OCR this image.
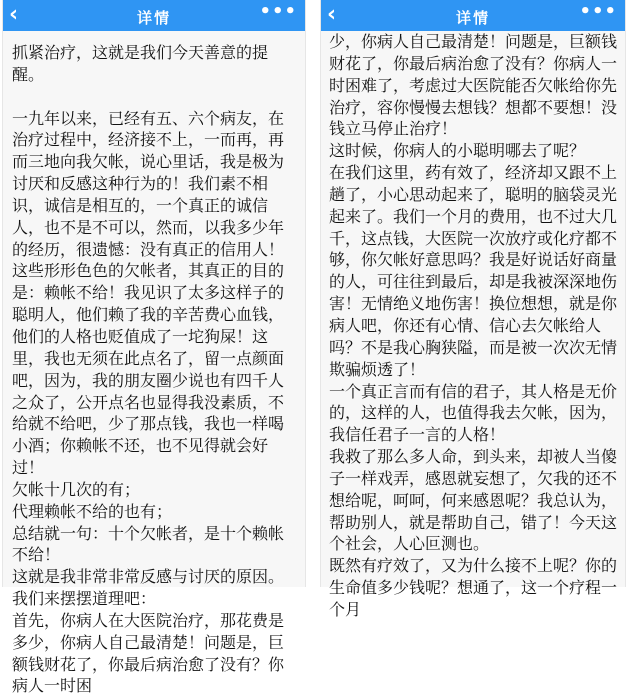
‹	详情	•••
抓紧治疗，这就是我们今天善意的提醒。

一九年以来，已经有五、六个病友，在治疗过程中，经济接不上，一而再，再而三地向我欠帐，说心里话，我是极为讨厌和反感这种行为的！我们素不相识，诚信是相互的，一个真正的诚信人，也不是不可以，然而，以我多少年的经历，很遗憾：没有真正的信用人！这些形形色色的欠帐者，其真正的目的是：赖帐不给！我见识了太多这样子的聪明人，他们赖了我的辛苦费心血钱，他们的人格也贬值成了一坨狗屎！这里，我也无须在此点名了，留一点颜面吧，因为，我的朋友圈少说也有四千人之众了，公开点名也显得我没素质，不给就不给吧，少了那点钱，我也一样喝小酒；你赖帐不还，也不见得就会好过！
欠帐十几次的有；
代理赖帐不给的也有；
总结就一句：十个欠帐者，是十个赖帐不给！
这就是我非常非常反感与讨厌的原因。
我们来摆摆道理吧：
首先，你病人在大医院治疗，那花费是多少，你病人自己最清楚！问题是，巨额钱财花了，你最后病治愈了没有？你病人一时困
‹	详情	•••
少，你病人自己最清楚！问题是，巨额钱财花了，你最后病治愈了没有？你病人一时困难了，考虑过大医院能否欠帐给你先治疗，容你慢慢去想钱？想都不要想！没钱立马停止治疗！
这时候，你病人的小聪明哪去了呢？
在我们这里，药有效了，经济却又跟不上趟了，小心思动起来了，聪明的脑袋灵光起来了。我们一个月的费用，也不过大几千，这点钱，大医院一次放疗或化疗都不够，你欠帐好意思吗？我是好说话好商量的人，可往往到最后，却是我被深深地伤害！无情绝义地伤害！换位想想，就是你病人吧，你还有心情、信心去欠帐给人吗？不是我心胸狭隘，而是被一次次无情欺骗烦透了！
一个真正言而有信的君子，其人格是无价的，这样的人，也值得我去欠帐，因为，我信任君子一言的人格！
我救了那么多人命，到头来，却被人当傻子一样戏弄，感恩就妄想了，欠我的还不想给呢，呵呵，何来感恩呢？我总认为，帮助别人，就是帮助自己，错了！今天这个社会，人心叵测也。
既然有疗效了，又为什么接不上呢？你的生命值多少钱呢？想通了，这一个疗程一个月
